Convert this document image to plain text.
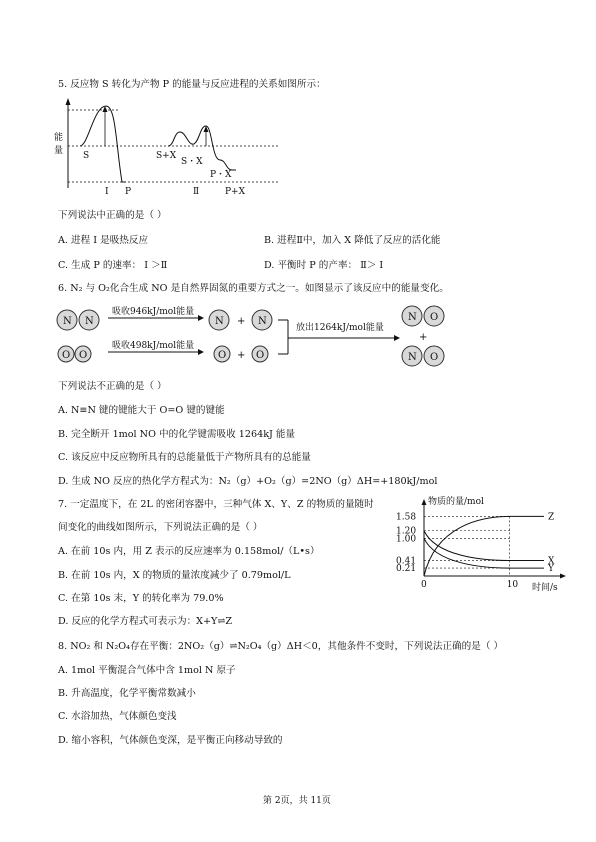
5. 反应物 S 转化为产物 P 的能量与反应进程的关系如图所示：
能
量 S	S+X
S・X
P・X
I P	Ⅱ	P+X
下列说法中正确的是（ ）
A. 进程 I 是吸热反应	B. 进程Ⅱ中，加入 X 降低了反应的活化能
C. 生成 P 的速率： I ＞Ⅱ	D. 平衡时 P 的产率： Ⅱ＞ I
6. N₂ 与 O₂化合生成 NO 是自然界固氮的重要方式之一。如图显示了该反应中的能量变化。
N N
吸收946kJ/mol能量
N + N
O O
吸收498kJ/mol能量
O + O
放出1264kJ/mol能量
N O
+
N O
下列说法不正确的是（ ）
A. N≡N 键的键能大于 O=O 键的键能
B. 完全断开 1mol NO 中的化学键需吸收 1264kJ 能量
C. 该反应中反应物所具有的总能量低于产物所具有的总能量
D. 生成 NO 反应的热化学方程式为：N₂（g）+O₂（g）=2NO（g）ΔH=+180kJ/mol
7. 一定温度下，在 2L 的密闭容器中，三种气体 X、Y、Z 的物质的量随时
间变化的曲线如图所示，下列说法正确的是（ ）
A. 在前 10s 内，用 Z 表示的反应速率为 0.158mol/（L•s）
B. 在前 10s 内，X 的物质的量浓度减少了 0.79mol/L
C. 在第 10s 末，Y 的转化率为 79.0%
D. 反应的化学方程式可表示为：X+Y⇌Z
物质的量/mol
时间/s
1.58
1.20
1.00
0.41
0.21
0	10
Z
X
Y
8. NO₂ 和 N₂O₄存在平衡：2NO₂（g）⇌N₂O₄（g）ΔH＜0，其他条件不变时，下列说法正确的是（ ）
A. 1mol 平衡混合气体中含 1mol N 原子
B. 升高温度，化学平衡常数减小
C. 水浴加热，气体颜色变浅
D. 缩小容积，气体颜色变深，是平衡正向移动导致的
第 2页，共 11页
